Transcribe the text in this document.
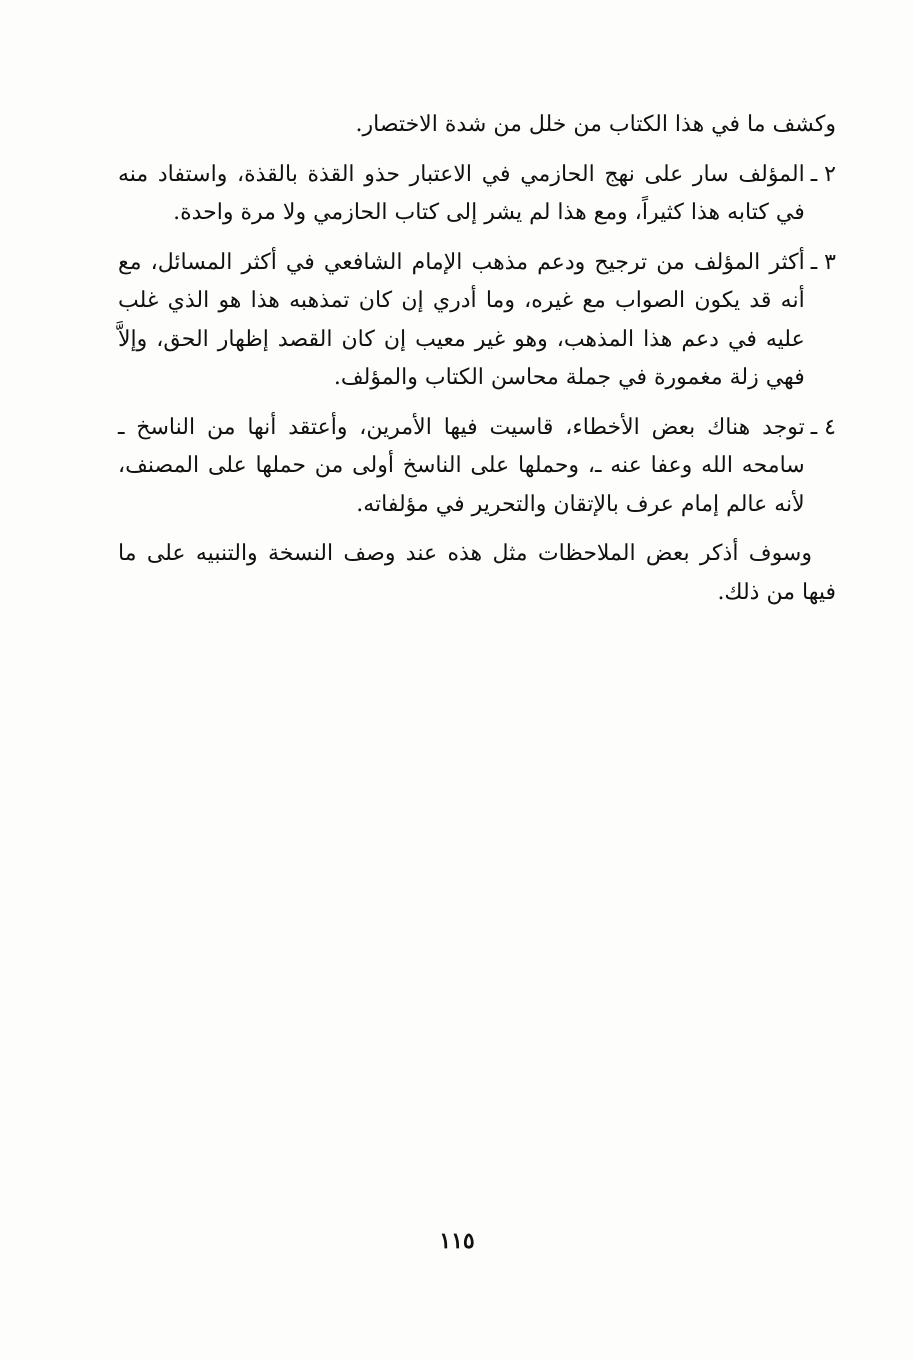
وكشف ما في هذا الكتاب من خلل من شدة الاختصار.

٢ ـ
المؤلف سار على نهج الحازمي في الاعتبار حذو القذة بالقذة، واستفاد منه في كتابه هذا كثيراً، ومع هذا لم يشر إلى كتاب الحازمي ولا مرة واحدة.
٣ ـ
أكثر المؤلف من ترجيح ودعم مذهب الإمام الشافعي في أكثر المسائل، مع أنه قد يكون الصواب مع غيره، وما أدري إن كان تمذهبه هذا هو الذي غلب عليه في دعم هذا المذهب، وهو غير معيب إن كان القصد إظهار الحق، وإلاَّ فهي زلة مغمورة في جملة محاسن الكتاب والمؤلف.
٤ ـ
توجد هناك بعض الأخطاء، قاسيت فيها الأمرين، وأعتقد أنها من الناسخ ـ سامحه الله وعفا عنه ـ، وحملها على الناسخ أولى من حملها على المصنف، لأنه عالم إمام عرف بالإتقان والتحرير في مؤلفاته.

وسوف أذكر بعض الملاحظات مثل هذه عند وصف النسخة والتنبيه على ما فيها من ذلك.

١١٥
